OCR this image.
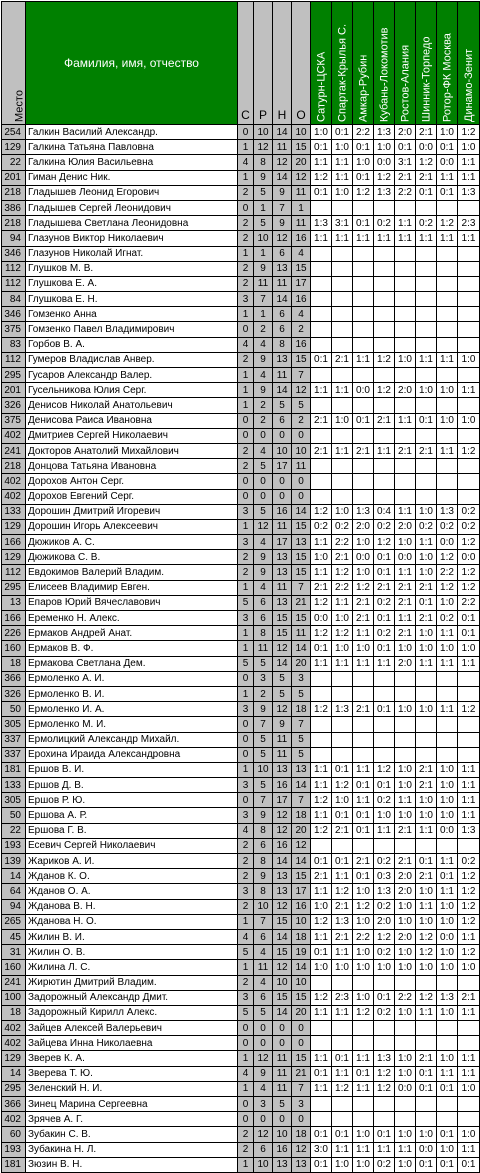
Место	Фамилия, имя, отчество	С	Р	Н	О	Сатурн-ЦСКА	Спартак-Крылья С.	Амкар-Рубин	Кубань-Локомотив	Ростов-Алания	Шинник-Торпедо	Ротор-ФК Москва	Динамо-Зенит
254	Галкин Василий Александр.	0	10	14	10	1:0	0:1	2:2	1:3	2:0	2:1	1:0	1:2
129	Галкина Татьяна Павловна	1	12	11	15	0:1	1:0	0:1	1:0	0:1	0:0	0:1	1:0
22	Галкина Юлия Васильевна	4	8	12	20	1:1	1:1	1:0	0:0	3:1	1:2	0:0	1:1
201	Гиман Денис Ник.	1	9	14	12	1:2	1:1	0:1	1:2	2:1	2:1	1:1	1:1
218	Гладышев Леонид Егорович	2	5	9	11	0:1	1:0	1:2	1:3	2:2	0:1	0:1	1:3
386	Гладышев Сергей Леонидович	0	1	7	1								
218	Гладышева Светлана Леонидовна	2	5	9	11	1:3	3:1	0:1	0:2	1:1	0:2	1:2	2:3
94	Глазунов Виктор Николаевич	2	10	12	16	1:1	1:1	1:1	1:1	1:1	1:1	1:1	1:1
346	Глазунов Николай Игнат.	1	1	6	4								
112	Глушков М. В.	2	9	13	15								
112	Глушкова Е. А.	2	11	11	17								
84	Глушкова Е. Н.	3	7	14	16								
346	Гомзенко Анна	1	1	6	4								
375	Гомзенко Павел Владимирович	0	2	6	2								
83	Горбов В. А.	4	4	8	16								
112	Гумеров Владислав Анвер.	2	9	13	15	0:1	2:1	1:1	1:2	1:0	1:1	1:1	1:0
295	Гусаров Александр Валер.	1	4	11	7								
201	Гусельникова Юлия Серг.	1	9	14	12	1:1	1:1	0:0	1:2	2:0	1:0	1:0	1:1
326	Денисов Николай Анатольевич	1	2	5	5								
375	Денисова Раиса Ивановна	0	2	6	2	2:1	1:0	0:1	2:1	1:1	0:1	1:0	1:0
402	Дмитриев Сергей Николаевич	0	0	0	0								
241	Докторов Анатолий Михайлович	2	4	10	10	2:1	1:1	2:1	1:1	2:1	2:1	1:1	1:2
218	Донцова Татьяна Ивановна	2	5	17	11								
402	Дорохов Антон Серг.	0	0	0	0								
402	Дорохов Евгений Серг.	0	0	0	0								
133	Дорошин Дмитрий Игоревич	3	5	16	14	1:2	1:0	1:3	0:4	1:1	1:0	1:3	0:2
129	Дорошин Игорь Алексеевич	1	12	11	15	0:2	0:2	2:0	0:2	2:0	0:2	0:2	0:2
166	Дюжиков А. С.	3	4	17	13	1:1	2:2	1:0	1:2	1:0	1:1	0:0	1:2
129	Дюжикова С. В.	2	9	13	15	1:0	2:1	0:0	0:1	0:0	1:0	1:2	0:0
112	Евдокимов Валерий Владим.	2	9	13	15	1:1	1:2	1:0	0:1	1:1	1:0	2:2	1:2
295	Елисеев Владимир Евген.	1	4	11	7	2:1	2:2	1:2	2:1	2:1	2:1	1:2	1:2
13	Епаров Юрий Вячеславович	5	6	13	21	1:2	1:1	2:1	0:2	2:1	0:1	1:0	2:2
166	Еременко Н. Алекс.	3	6	15	15	0:0	1:0	2:1	0:1	1:1	2:1	0:2	0:1
226	Ермаков Андрей Анат.	1	8	15	11	1:2	1:2	1:1	0:2	2:1	1:0	1:1	0:1
160	Ермаков В. Ф.	1	11	12	14	0:1	1:0	1:0	0:1	1:0	1:0	1:0	1:0
18	Ермакова Светлана Дем.	5	5	14	20	1:1	1:1	1:1	1:1	2:0	1:1	1:1	1:1
366	Ермоленко А. И.	0	3	5	3								
326	Ермоленко В. И.	1	2	5	5								
50	Ермоленко И. А.	3	9	12	18	1:2	1:3	2:1	0:1	1:0	1:0	1:1	1:2
305	Ермоленко М. И.	0	7	9	7								
337	Ермолицкий Александр Михайл.	0	5	11	5								
337	Ерохина Ираида Александровна	0	5	11	5								
181	Ершов В. И.	1	10	13	13	1:1	0:1	1:1	1:2	1:0	2:1	1:0	1:1
133	Ершов Д. В.	3	5	16	14	1:1	1:2	0:1	0:1	1:0	2:1	1:0	1:1
305	Ершов Р. Ю.	0	7	17	7	1:2	1:0	1:1	0:2	1:1	1:0	1:0	1:1
50	Ершова А. Р.	3	9	12	18	1:1	0:1	0:1	1:0	1:0	1:0	1:0	1:1
22	Ершова Г. В.	4	8	12	20	1:2	2:1	0:1	1:1	2:1	1:1	0:0	1:3
193	Есевич Сергей Николаевич	2	6	16	12								
139	Жариков А. И.	2	8	14	14	0:1	0:1	2:1	0:2	2:1	0:1	1:1	0:2
14	Жданов К. О.	2	9	13	15	2:1	1:1	0:1	0:3	2:0	2:1	0:1	1:2
64	Жданов О. А.	3	8	13	17	1:1	1:2	1:0	1:3	2:0	1:0	1:1	1:2
94	Жданова В. Н.	2	10	12	16	1:0	2:1	1:2	0:2	1:0	1:1	1:0	1:2
265	Жданова Н. О.	1	7	15	10	1:2	1:3	1:0	2:0	1:0	1:0	1:0	1:2
45	Жилин В. И.	4	6	14	18	1:1	2:1	2:2	1:2	2:0	1:2	0:0	1:1
31	Жилин О. В.	5	4	15	19	0:1	1:1	1:0	0:2	1:0	1:2	1:0	1:2
160	Жилина Л. С.	1	11	12	14	1:0	1:0	1:0	1:0	1:0	1:0	1:0	1:0
241	Жирютин Дмитрий Владим.	2	4	10	10								
100	Задорожный Александр Дмит.	3	6	15	15	1:2	2:3	1:0	0:1	2:2	1:2	1:3	2:1
18	Задорожный Кирилл Алекс.	5	5	14	20	1:1	1:1	1:2	0:2	1:0	1:1	1:0	1:1
402	Зайцев Алексей Валерьевич	0	0	0	0								
402	Зайцева Инна Николаевна	0	0	0	0								
129	Зверев К. А.	1	12	11	15	1:1	0:1	1:1	1:3	1:0	2:1	1:0	1:1
14	Зверева Т. Ю.	4	9	11	21	0:1	1:1	0:1	1:2	1:0	0:1	1:1	1:1
295	Зеленский Н. И.	1	4	11	7	1:1	1:2	1:1	1:2	0:0	0:1	0:1	1:0
366	Зинец Марина Сергеевна	0	3	5	3								
402	Зрячев А. Г.	0	0	0	0								
60	Зубакин С. В.	2	12	10	18	0:1	0:1	1:0	0:1	1:0	1:0	0:1	1:0
193	Зубакина Н. Л.	2	6	16	12	3:0	1:1	1:1	1:1	1:1	0:0	1:0	1:1
181	Зюзин В. Н.	1	10	13	13	0:1	1:0	1:0	0:2	1:0	0:1	0:1	0:1
